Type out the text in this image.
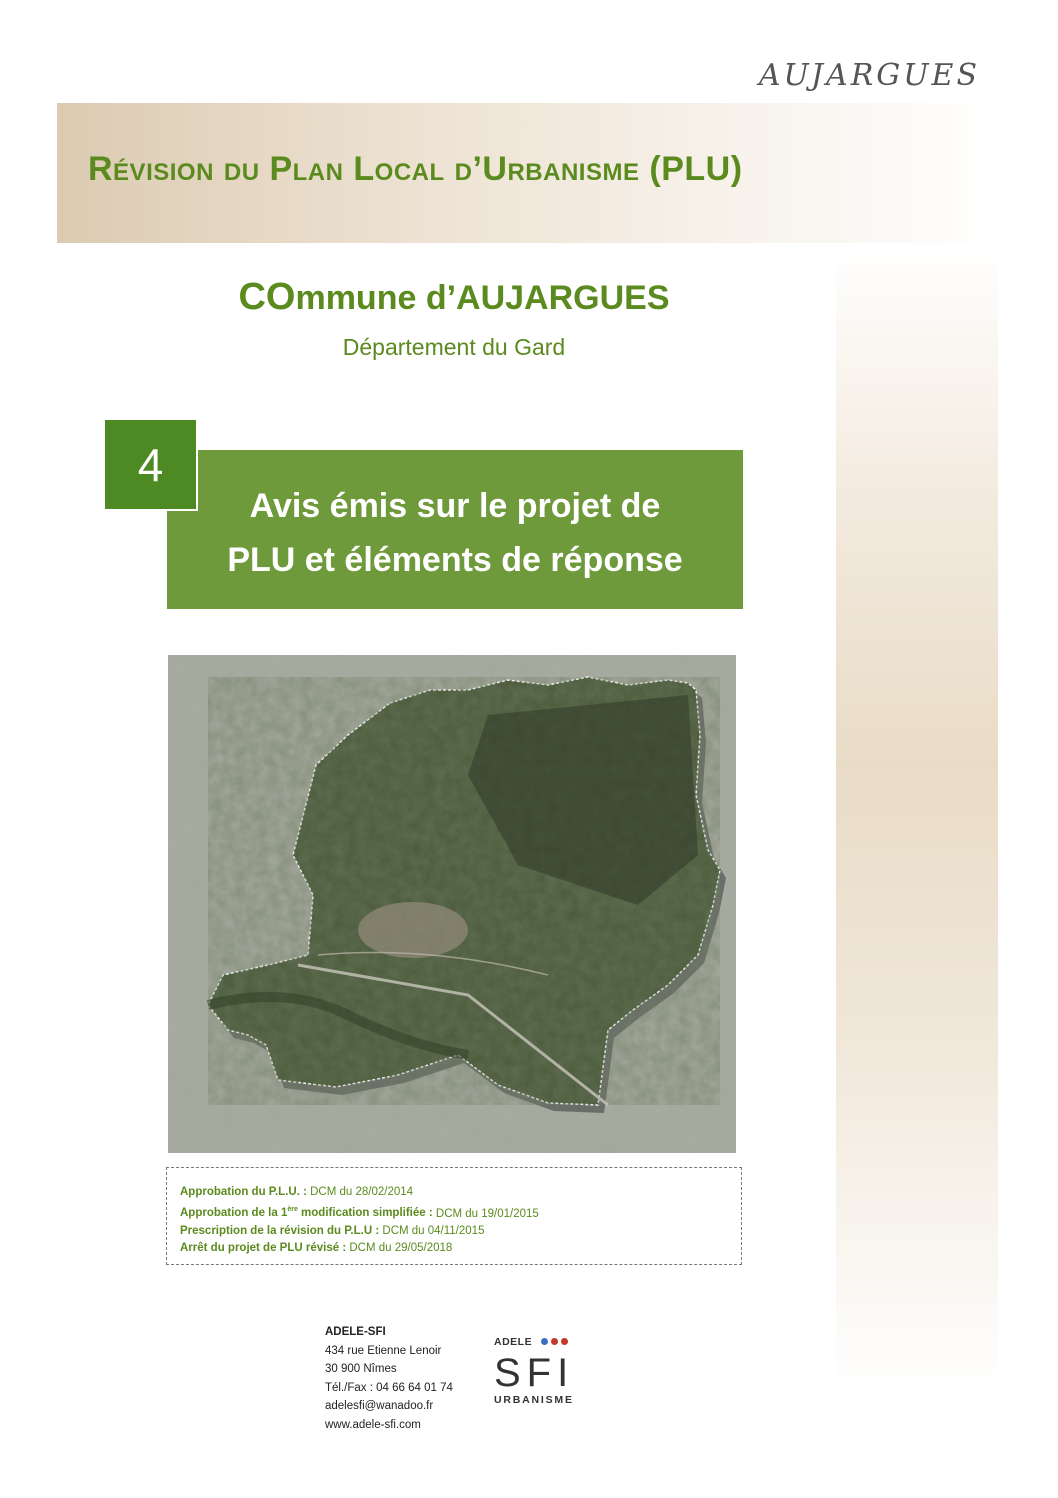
AUJARGUES
Révision du Plan Local d’Urbanisme (PLU)

COmmune d’AUJARGUES

Département du Gard

4
Avis émis sur le projet de
PLU et éléments de réponse
Approbation du P.L.U. : DCM du 28/02/2014
Approbation de la 1ère modification simplifiée : DCM du 19/01/2015
Prescription de la révision du P.L.U : DCM du 04/11/2015
Arrêt du projet de PLU révisé : DCM du 29/05/2018
ADELE-SFI
434 rue Etienne Lenoir
30 900 Nîmes
Tél./Fax : 04 66 64 01 74
adelesfi@wanadoo.fr
www.adele-sfi.com
ADELE
SFI
URBANISME
